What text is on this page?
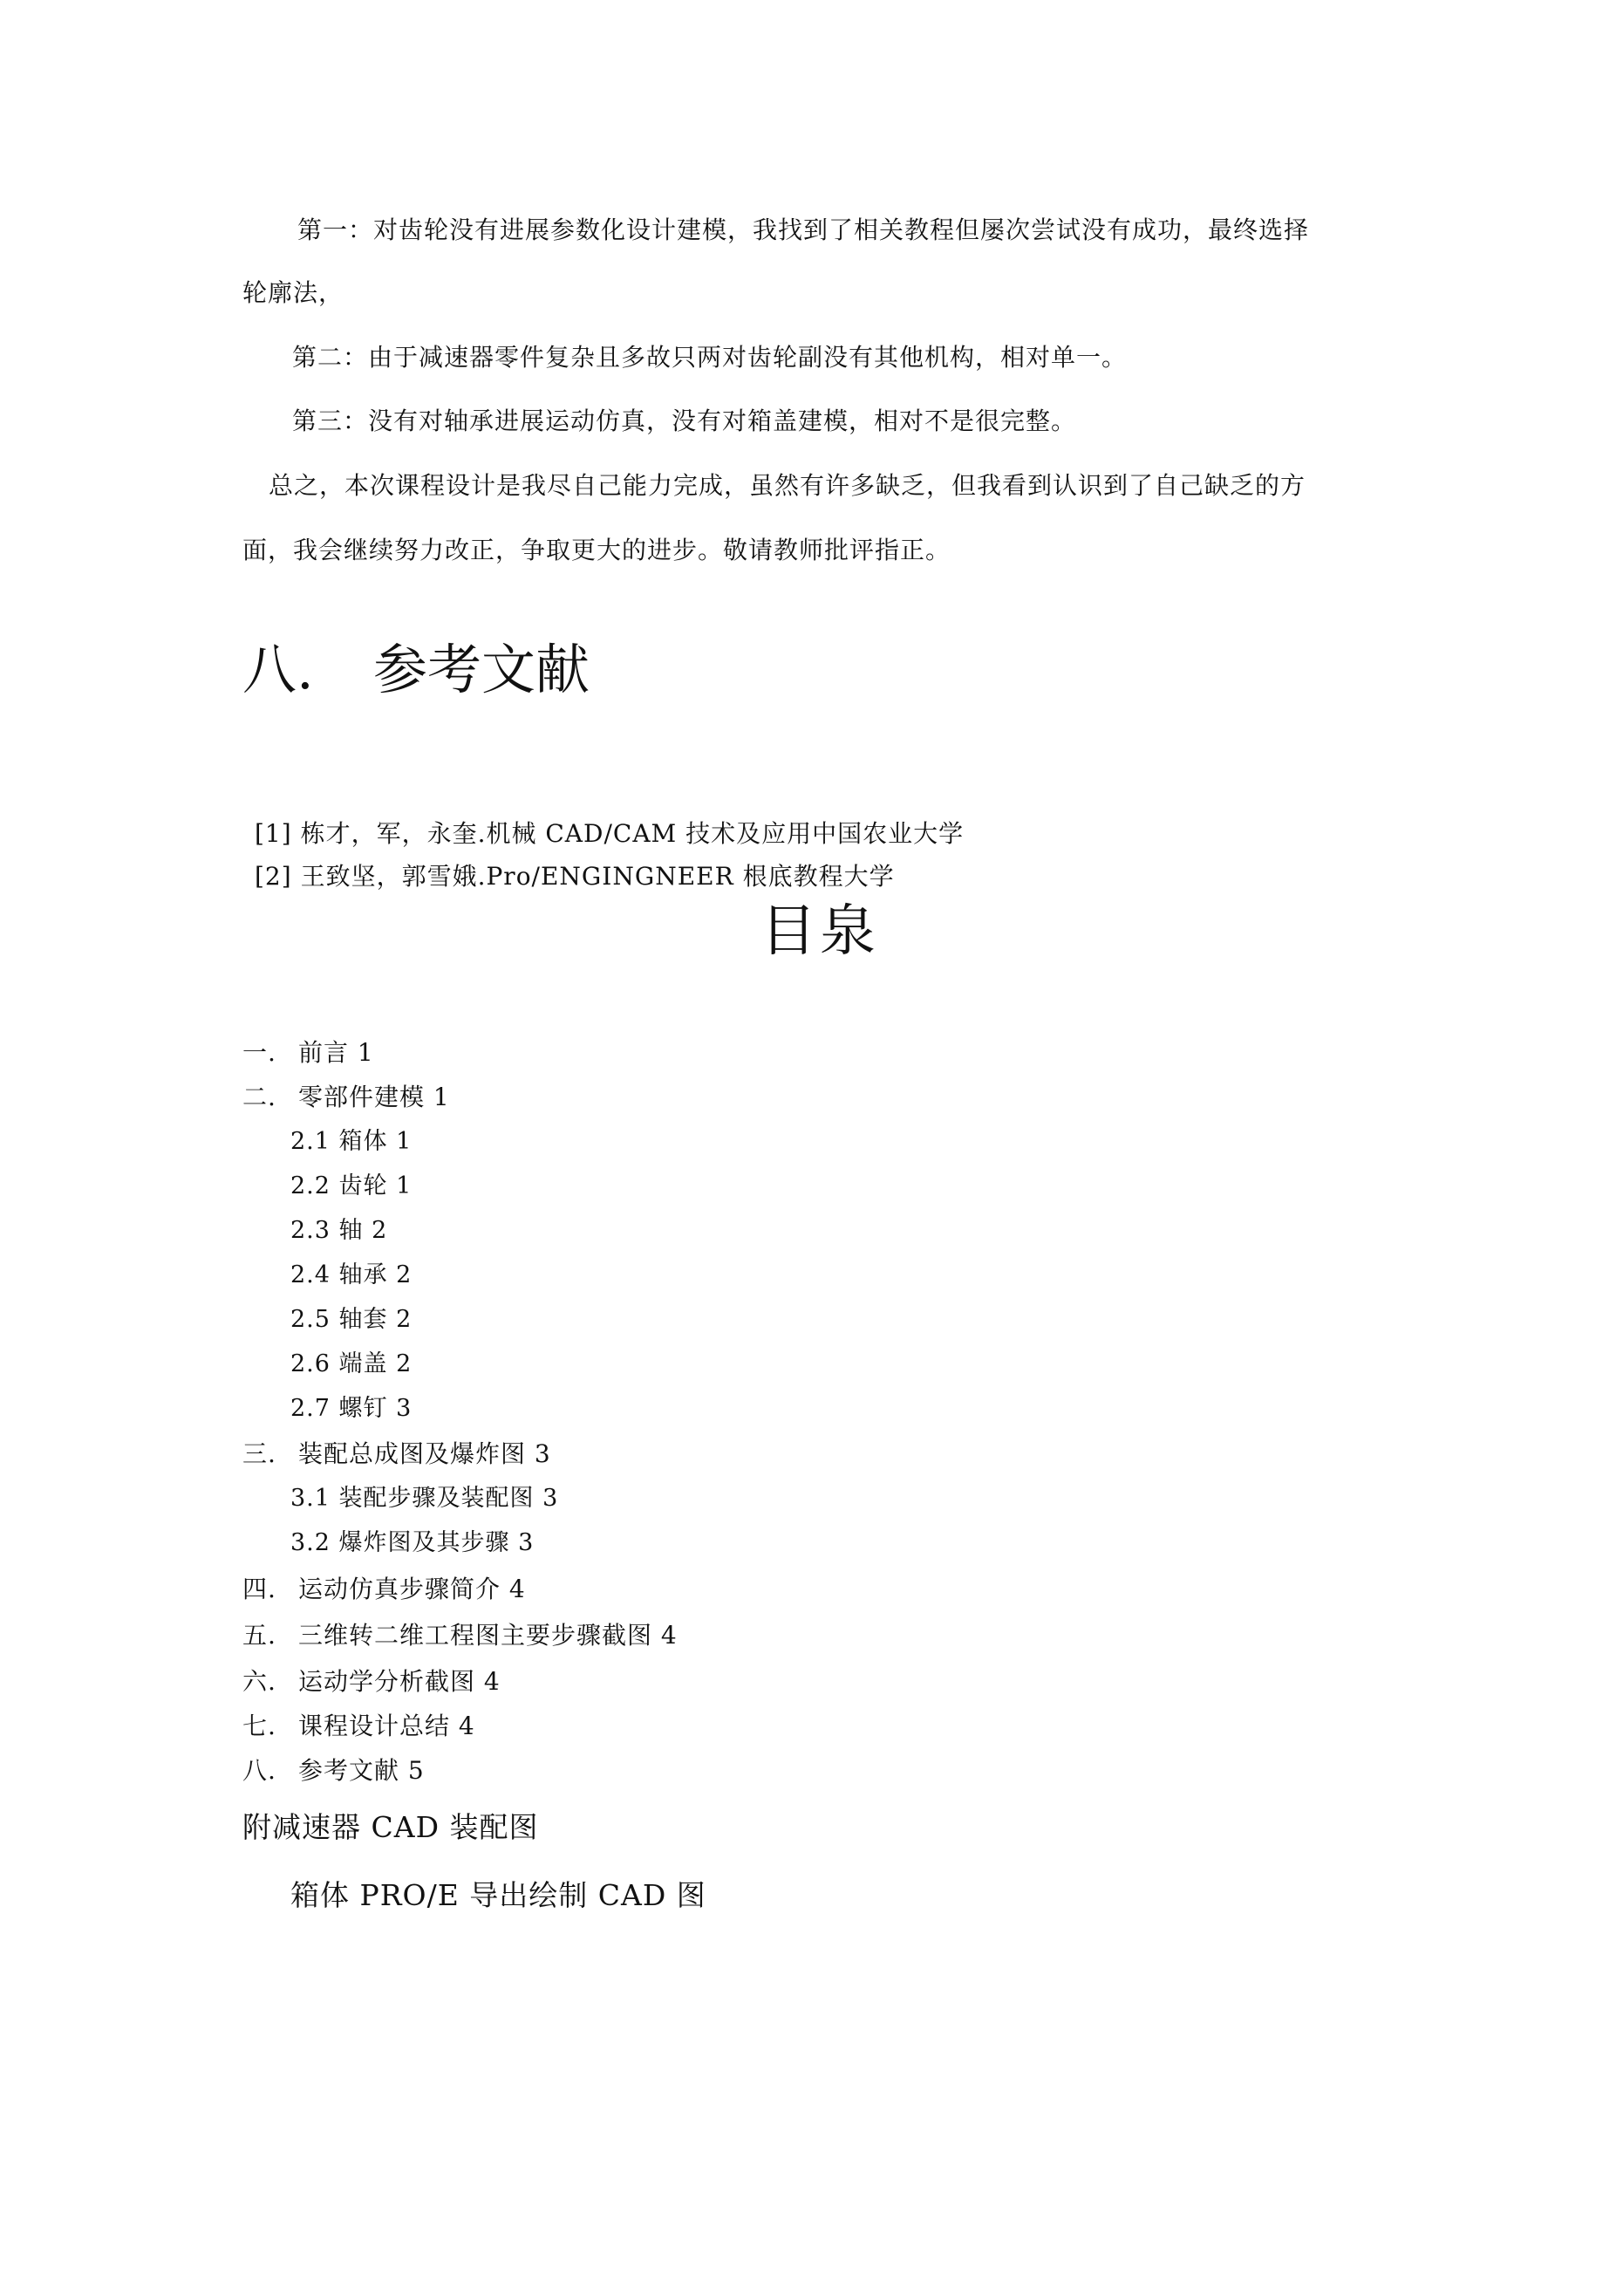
第一：对齿轮没有进展参数化设计建模，我找到了相关教程但屡次尝试没有成功，最终选择
轮廓法，
第二：由于减速器零件复杂且多故只两对齿轮副没有其他机构，相对单一。
第三：没有对轴承进展运动仿真，没有对箱盖建模，相对不是很完整。
总之，本次课程设计是我尽自己能力完成，虽然有许多缺乏，但我看到认识到了自己缺乏的方
面，我会继续努力改正，争取更大的进步。敬请教师批评指正。
八. 参考文献
[1] 栋才，军，永奎.机械 CAD/CAM 技术及应用中国农业大学
[2] 王致坚，郭雪娥.Pro/ENGINGNEER 根底教程大学
目泉
一. 前言 1
二. 零部件建模 1
2.1 箱体 1
2.2 齿轮 1
2.3 轴 2
2.4 轴承 2
2.5 轴套 2
2.6 端盖 2
2.7 螺钉 3
三. 装配总成图及爆炸图 3
3.1 装配步骤及装配图 3
3.2 爆炸图及其步骤 3
四. 运动仿真步骤简介 4
五. 三维转二维工程图主要步骤截图 4
六. 运动学分析截图 4
七. 课程设计总结 4
八. 参考文献 5
附减速器 CAD 装配图
箱体 PRO/E 导出绘制 CAD 图
